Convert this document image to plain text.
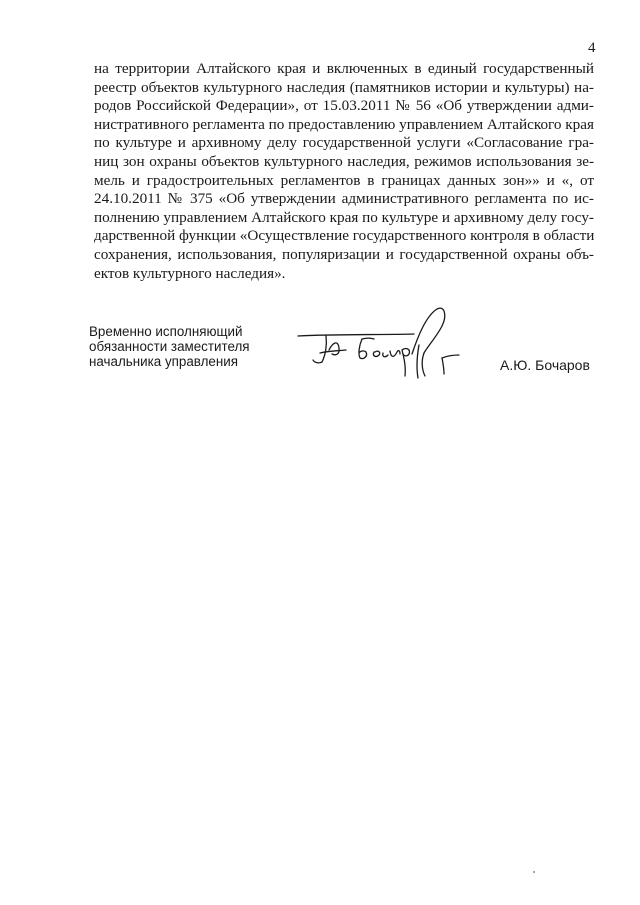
4
на территории Алтайского края и включенных в единый государственный
реестр объектов культурного наследия (памятников истории и культуры) на-
родов Российской Федерации», от 15.03.2011 № 56 «Об утверждении адми-
нистративного регламента по предоставлению управлением Алтайского края
по культуре и архивному делу государственной услуги «Согласование гра-
ниц зон охраны объектов культурного наследия, режимов использования зе-
мель и градостроительных регламентов в границах данных зон»» и «, от
24.10.2011 № 375 «Об утверждении административного регламента по ис-
полнению управлением Алтайского края по культуре и архивному делу госу-
дарственной функции «Осуществление государственного контроля в области
сохранения, использования, популяризации и государственной охраны объ-
ектов культурного наследия».
Временно исполняющий
обязанности заместителя
начальника управления	А.Ю. Бочаров
